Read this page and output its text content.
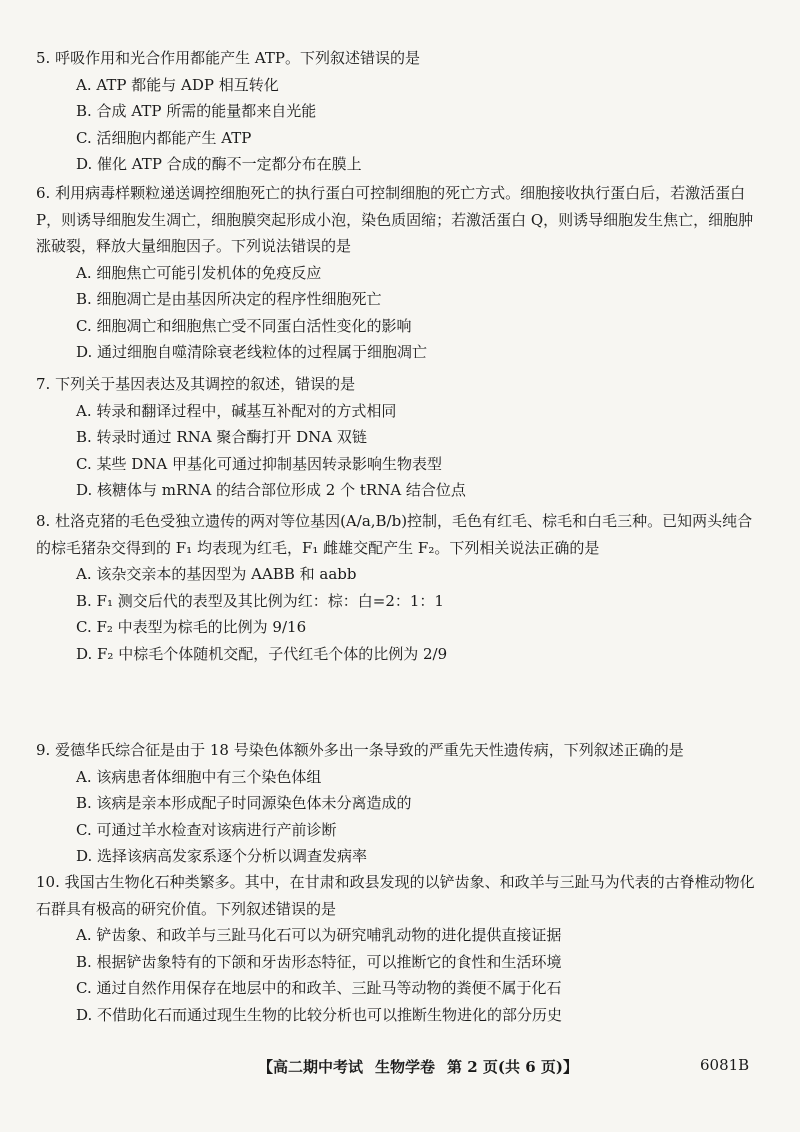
5. 呼吸作用和光合作用都能产生 ATP。下列叙述错误的是

A. ATP 都能与 ADP 相互转化

B. 合成 ATP 所需的能量都来自光能

C. 活细胞内都能产生 ATP

D. 催化 ATP 合成的酶不一定都分布在膜上

6. 利用病毒样颗粒递送调控细胞死亡的执行蛋白可控制细胞的死亡方式。细胞接收执行蛋白后，若激活蛋白 P，则诱导细胞发生凋亡，细胞膜突起形成小泡，染色质固缩；若激活蛋白 Q，则诱导细胞发生焦亡，细胞肿涨破裂，释放大量细胞因子。下列说法错误的是

A. 细胞焦亡可能引发机体的免疫反应

B. 细胞凋亡是由基因所决定的程序性细胞死亡

C. 细胞凋亡和细胞焦亡受不同蛋白活性变化的影响

D. 通过细胞自噬清除衰老线粒体的过程属于细胞凋亡

7. 下列关于基因表达及其调控的叙述，错误的是

A. 转录和翻译过程中，碱基互补配对的方式相同

B. 转录时通过 RNA 聚合酶打开 DNA 双链

C. 某些 DNA 甲基化可通过抑制基因转录影响生物表型

D. 核糖体与 mRNA 的结合部位形成 2 个 tRNA 结合位点

8. 杜洛克猪的毛色受独立遗传的两对等位基因(A/a,B/b)控制，毛色有红毛、棕毛和白毛三种。已知两头纯合的棕毛猪杂交得到的 F₁ 均表现为红毛，F₁ 雌雄交配产生 F₂。下列相关说法正确的是

A. 该杂交亲本的基因型为 AABB 和 aabb

B. F₁ 测交后代的表型及其比例为红：棕：白=2：1：1

C. F₂ 中表型为棕毛的比例为 9/16

D. F₂ 中棕毛个体随机交配，子代红毛个体的比例为 2/9

9. 爱德华氏综合征是由于 18 号染色体额外多出一条导致的严重先天性遗传病，下列叙述正确的是

A. 该病患者体细胞中有三个染色体组

B. 该病是亲本形成配子时同源染色体未分离造成的

C. 可通过羊水检查对该病进行产前诊断

D. 选择该病高发家系逐个分析以调查发病率

10. 我国古生物化石种类繁多。其中，在甘肃和政县发现的以铲齿象、和政羊与三趾马为代表的古脊椎动物化石群具有极高的研究价值。下列叙述错误的是

A. 铲齿象、和政羊与三趾马化石可以为研究哺乳动物的进化提供直接证据

B. 根据铲齿象特有的下颌和牙齿形态特征，可以推断它的食性和生活环境

C. 通过自然作用保存在地层中的和政羊、三趾马等动物的粪便不属于化石

D. 不借助化石而通过现生生物的比较分析也可以推断生物进化的部分历史

【高二期中考试 生物学卷 第 2 页(共 6 页)】	6081B
